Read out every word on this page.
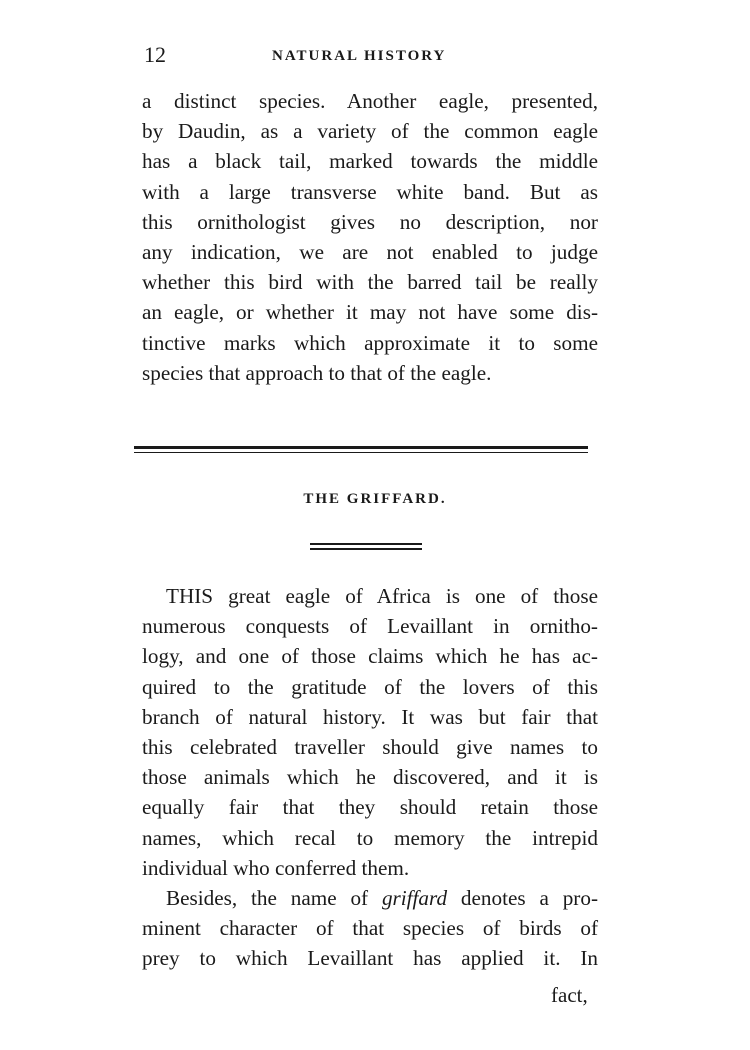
12	NATURAL HISTORY
a distinct species. Another eagle, presented,
by Daudin, as a variety of the common eagle
has a black tail, marked towards the middle
with a large transverse white band. But as
this ornithologist gives no description, nor
any indication, we are not enabled to judge
whether this bird with the barred tail be really
an eagle, or whether it may not have some dis-
tinctive marks which approximate it to some
species that approach to that of the eagle.
THE GRIFFARD.
THIS great eagle of Africa is one of those
numerous conquests of Levaillant in ornitho-
logy, and one of those claims which he has ac-
quired to the gratitude of the lovers of this
branch of natural history. It was but fair that
this celebrated traveller should give names to
those animals which he discovered, and it is
equally fair that they should retain those
names, which recal to memory the intrepid
individual who conferred them.
Besides, the name of griffard denotes a pro-
minent character of that species of birds of
prey to which Levaillant has applied it. In
fact,
